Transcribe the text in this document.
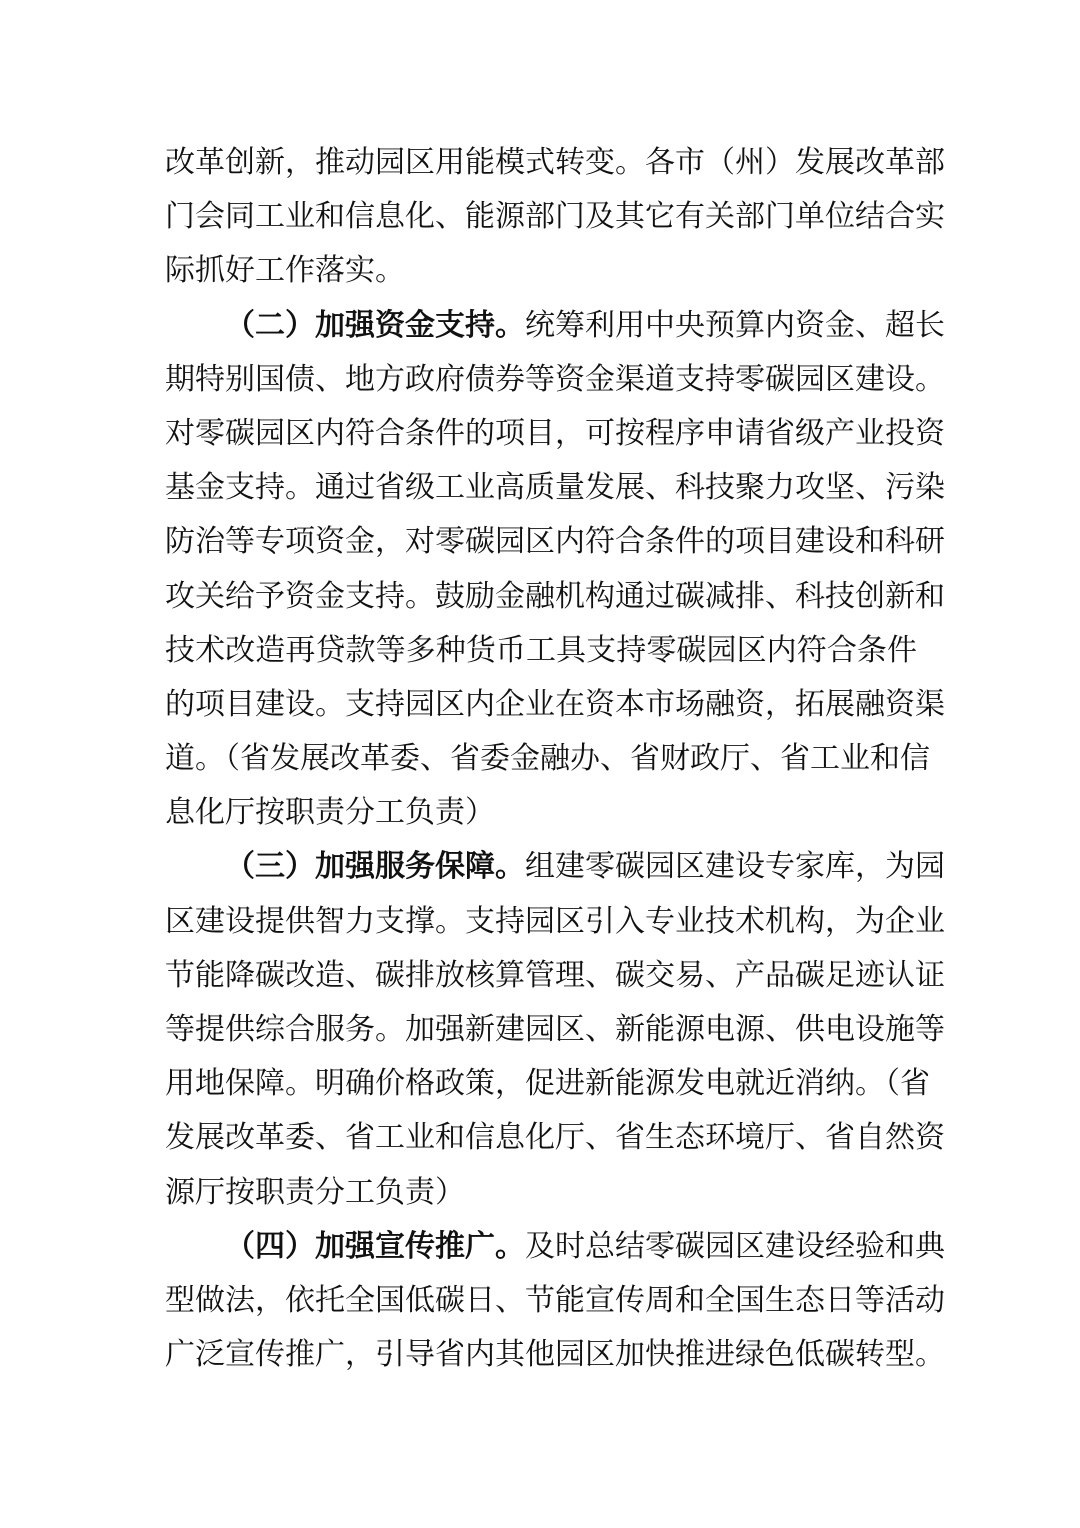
改革创新，推动园区用能模式转变。各市（州）发展改革部
门会同工业和信息化、能源部门及其它有关部门单位结合实
际抓好工作落实。
（二）加强资金支持。统筹利用中央预算内资金、超长
期特别国债、地方政府债券等资金渠道支持零碳园区建设。
对零碳园区内符合条件的项目，可按程序申请省级产业投资
基金支持。通过省级工业高质量发展、科技聚力攻坚、污染
防治等专项资金，对零碳园区内符合条件的项目建设和科研
攻关给予资金支持。鼓励金融机构通过碳减排、科技创新和
技术改造再贷款等多种货币工具支持零碳园区内符合条件
的项目建设。支持园区内企业在资本市场融资，拓展融资渠
道。（省发展改革委、省委金融办、省财政厅、省工业和信
息化厅按职责分工负责）
（三）加强服务保障。组建零碳园区建设专家库，为园
区建设提供智力支撑。支持园区引入专业技术机构，为企业
节能降碳改造、碳排放核算管理、碳交易、产品碳足迹认证
等提供综合服务。加强新建园区、新能源电源、供电设施等
用地保障。明确价格政策，促进新能源发电就近消纳。（省
发展改革委、省工业和信息化厅、省生态环境厅、省自然资
源厅按职责分工负责）
（四）加强宣传推广。及时总结零碳园区建设经验和典
型做法，依托全国低碳日、节能宣传周和全国生态日等活动
广泛宣传推广，引导省内其他园区加快推进绿色低碳转型。
